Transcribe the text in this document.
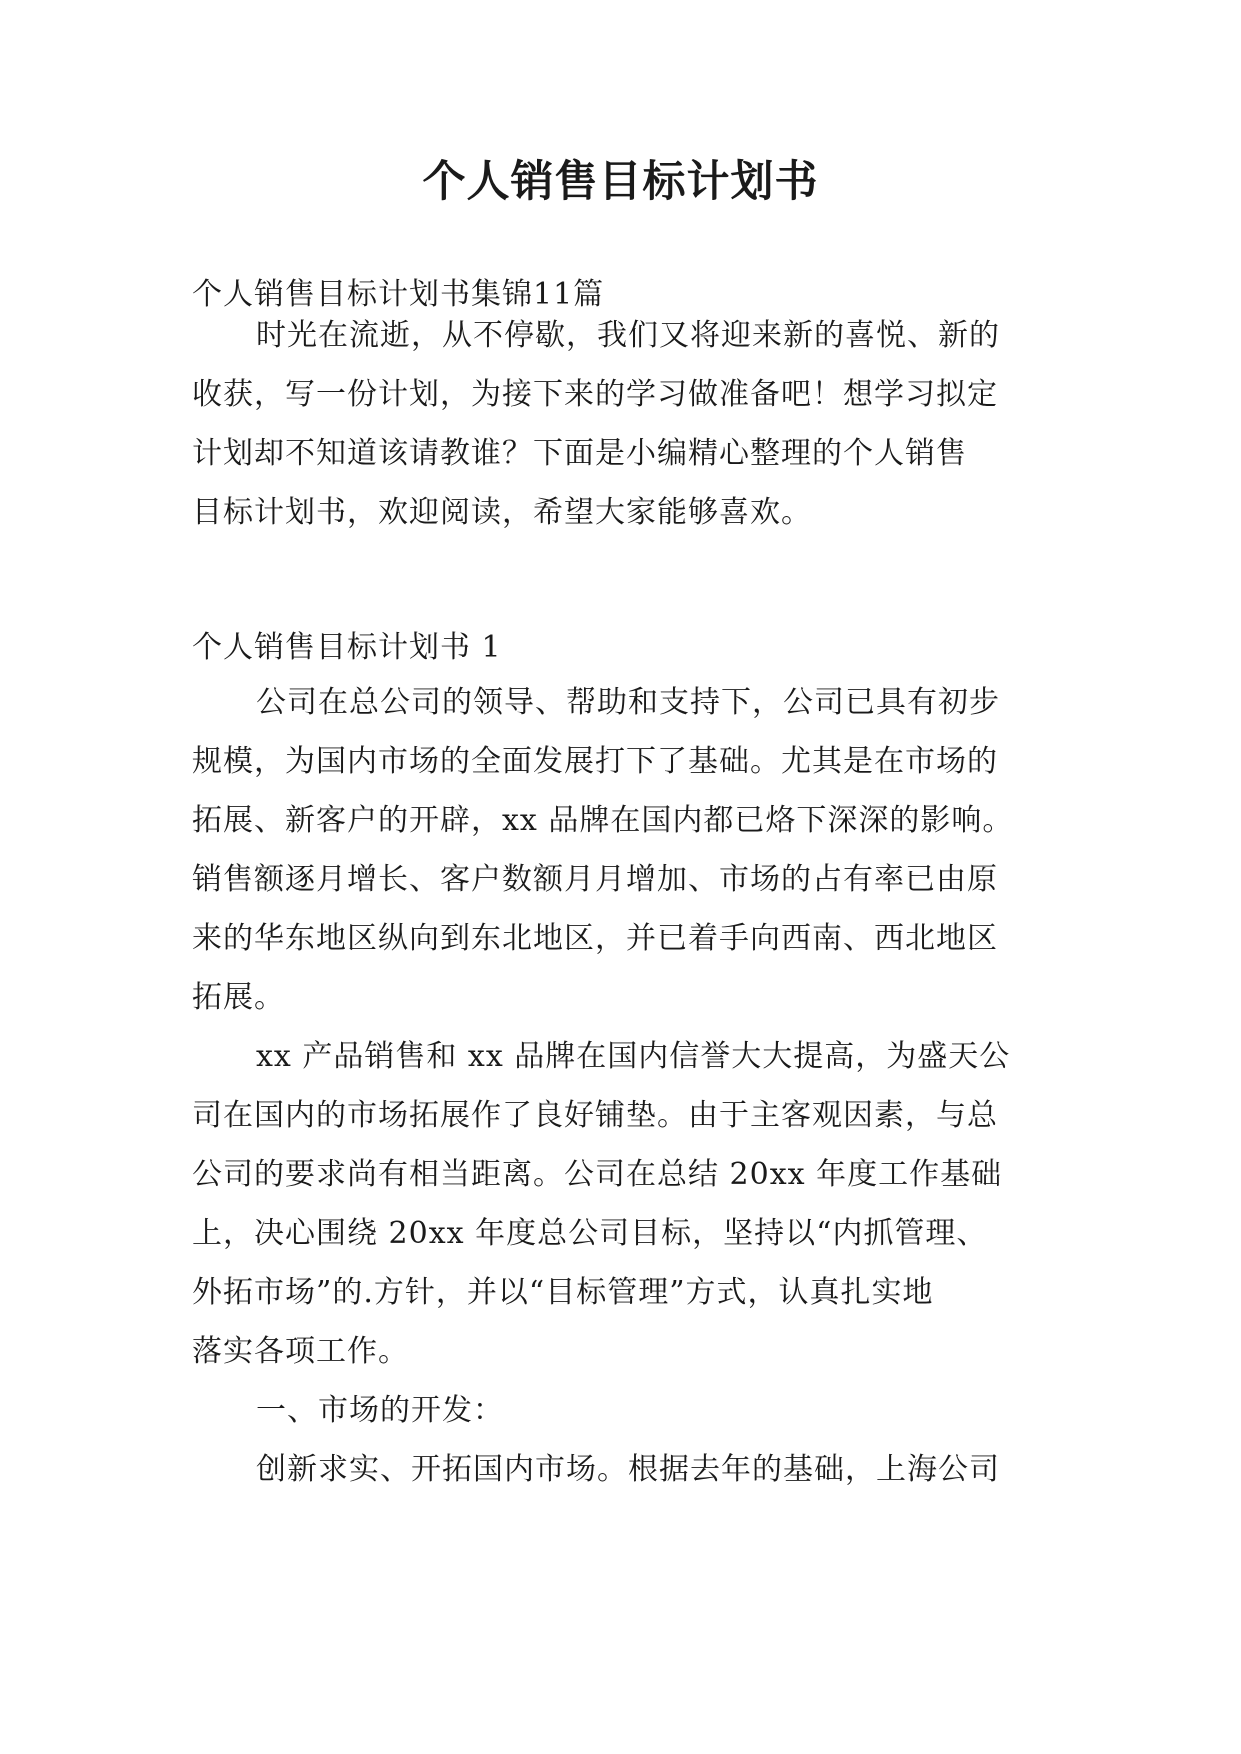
个人销售目标计划书

个人销售目标计划书集锦11篇

时光在流逝，从不停歇，我们又将迎来新的喜悦、新的
收获，写一份计划，为接下来的学习做准备吧！想学习拟定
计划却不知道该请教谁？下面是小编精心整理的个人销售
目标计划书，欢迎阅读，希望大家能够喜欢。

个人销售目标计划书 1

公司在总公司的领导、帮助和支持下，公司已具有初步
规模，为国内市场的全面发展打下了基础。尤其是在市场的
拓展、新客户的开辟，xx 品牌在国内都已烙下深深的影响。
销售额逐月增长、客户数额月月增加、市场的占有率已由原
来的华东地区纵向到东北地区，并已着手向西南、西北地区
拓展。

xx 产品销售和 xx 品牌在国内信誉大大提高，为盛天公
司在国内的市场拓展作了良好铺垫。由于主客观因素，与总
公司的要求尚有相当距离。公司在总结 20xx 年度工作基础
上，决心围绕 20xx 年度总公司目标，坚持以“内抓管理、
外拓市场”的.方针，并以“目标管理”方式，认真扎实地
落实各项工作。

一、市场的开发：

创新求实、开拓国内市场。根据去年的基础，上海公司
